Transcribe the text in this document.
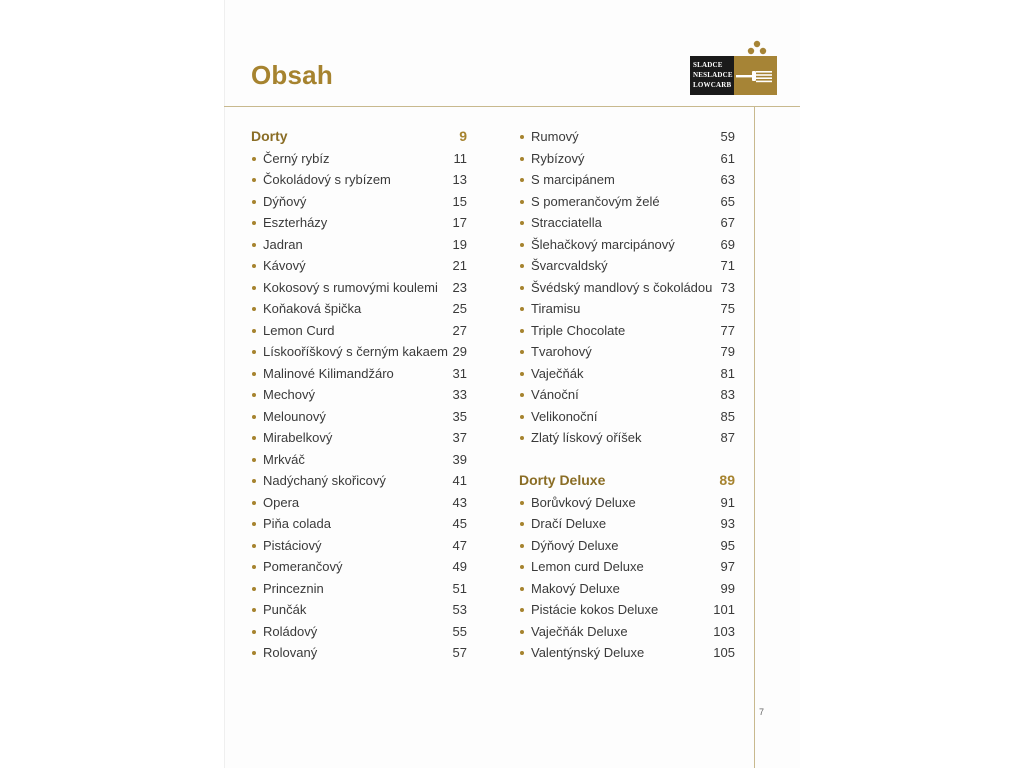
Obsah	SLADCE
NESLADCE
LOWCARB
Dorty	9
Černý rybíz	11
Čokoládový s rybízem	13
Dýňový	15
Eszterházy	17
Jadran	19
Kávový	21
Kokosový s rumovými koulemi 23
Koňaková špička	25
Lemon Curd	27
Lískooříškový s černým kakaem 29
Malinové Kilimandžáro	31
Mechový	33
Melounový	35
Mirabelkový	37
Mrkváč	39
Nadýchaný skořicový	41
Opera	43
Piňa colada	45
Pistáciový	47
Pomerančový	49
Princeznin	51
Punčák	53
Roládový	55
Rolovaný	57
Rumový	59
Rybízový	61
S marcipánem	63
S pomerančovým želé	65
Stracciatella	67
Šlehačkový marcipánový	69
Švarcvaldský	71
Švédský mandlový s čokoládou 73
Tiramisu	75
Triple Chocolate	77
Tvarohový	79
Vaječňák	81
Vánoční	83
Velikonoční	85
Zlatý lískový oříšek	87
Dorty Deluxe	89
Borůvkový Deluxe	91
Dračí Deluxe	93
Dýňový Deluxe	95
Lemon curd Deluxe	97
Makový Deluxe	99
Pistácie kokos Deluxe	101
Vaječňák Deluxe	103
Valentýnský Deluxe	105
7
